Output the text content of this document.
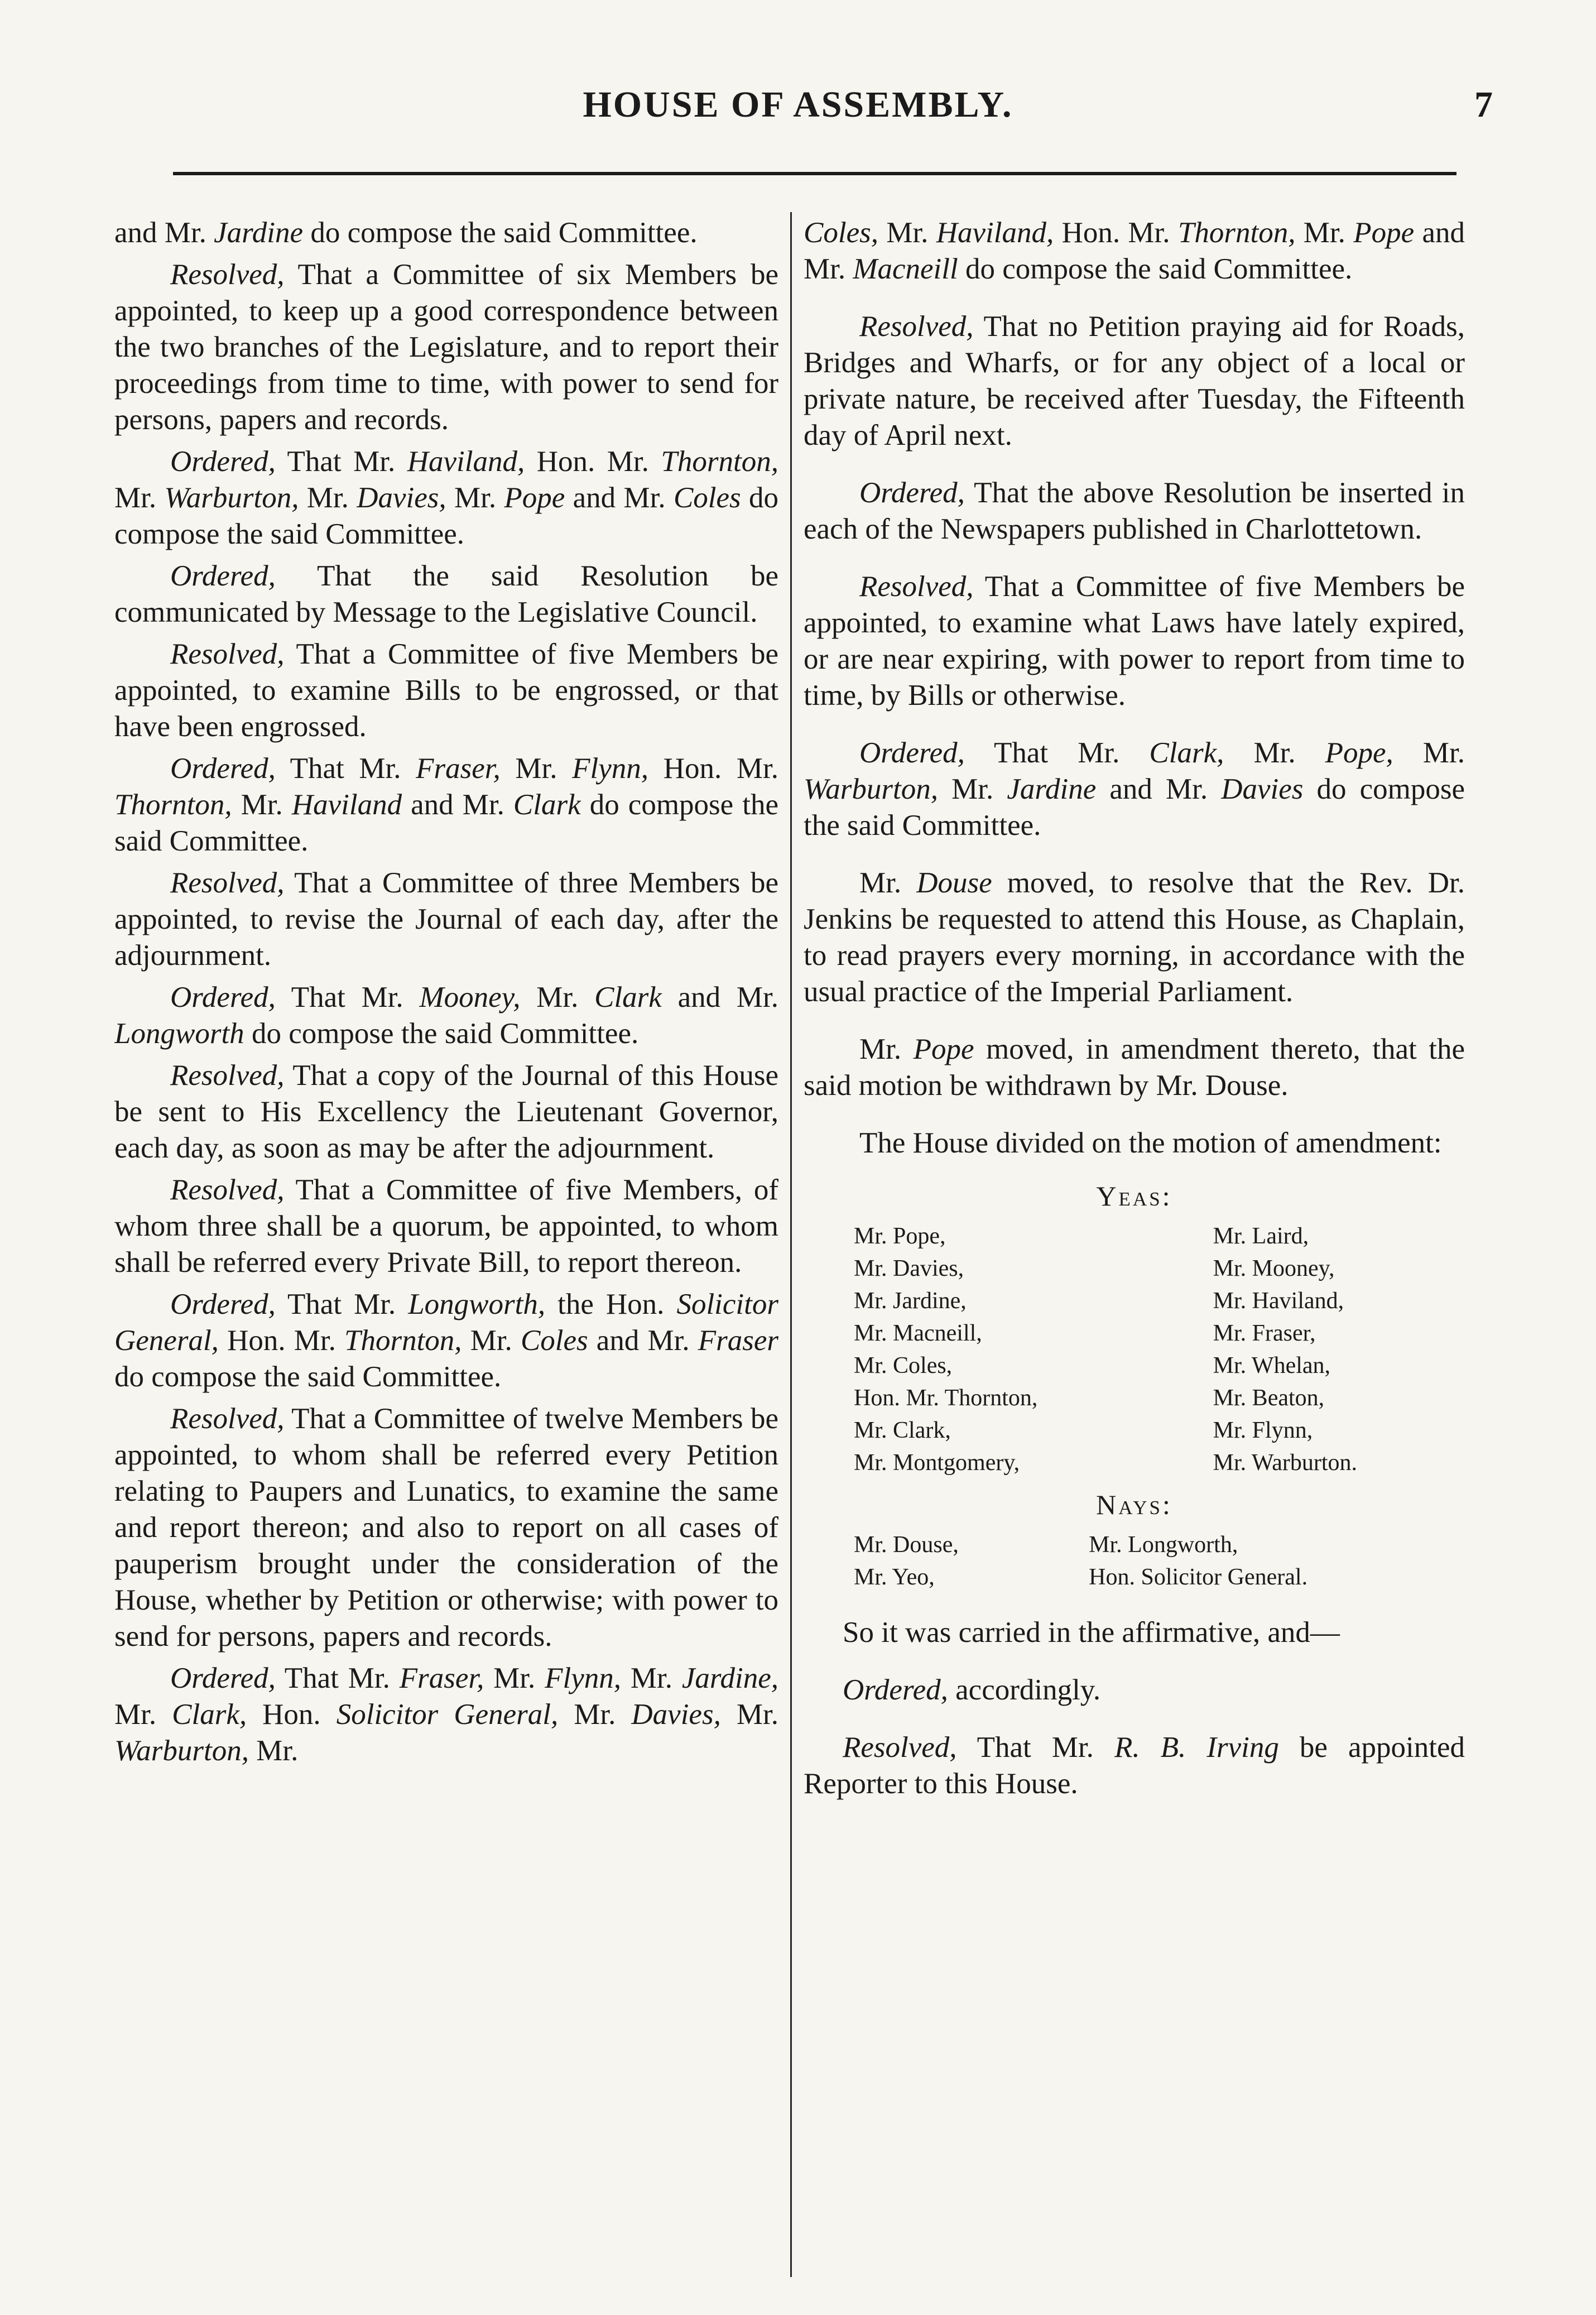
HOUSE OF ASSEMBLY.	7

and Mr. Jardine do compose the said Committee.

Resolved, That a Committee of six Members be appointed, to keep up a good correspondence between the two branches of the Legislature, and to report their proceedings from time to time, with power to send for persons, papers and records.

Ordered, That Mr. Haviland, Hon. Mr. Thornton, Mr. Warburton, Mr. Davies, Mr. Pope and Mr. Coles do compose the said Committee.

Ordered, That the said Resolution be communicated by Message to the Legislative Council.

Resolved, That a Committee of five Members be appointed, to examine Bills to be engrossed, or that have been engrossed.

Ordered, That Mr. Fraser, Mr. Flynn, Hon. Mr. Thornton, Mr. Haviland and Mr. Clark do compose the said Committee.

Resolved, That a Committee of three Members be appointed, to revise the Journal of each day, after the adjournment.

Ordered, That Mr. Mooney, Mr. Clark and Mr. Longworth do compose the said Committee.

Resolved, That a copy of the Journal of this House be sent to His Excellency the Lieutenant Governor, each day, as soon as may be after the adjournment.

Resolved, That a Committee of five Members, of whom three shall be a quorum, be appointed, to whom shall be referred every Private Bill, to report thereon.

Ordered, That Mr. Longworth, the Hon. Solicitor General, Hon. Mr. Thornton, Mr. Coles and Mr. Fraser do compose the said Committee.

Resolved, That a Committee of twelve Members be appointed, to whom shall be referred every Petition relating to Paupers and Lunatics, to examine the same and report thereon; and also to report on all cases of pauperism brought under the consideration of the House, whether by Petition or otherwise; with power to send for persons, papers and records.

Ordered, That Mr. Fraser, Mr. Flynn, Mr. Jardine, Mr. Clark, Hon. Solicitor General, Mr. Davies, Mr. Warburton, Mr.

Coles, Mr. Haviland, Hon. Mr. Thornton, Mr. Pope and Mr. Macneill do compose the said Committee.

Resolved, That no Petition praying aid for Roads, Bridges and Wharfs, or for any object of a local or private nature, be received after Tuesday, the Fifteenth day of April next.

Ordered, That the above Resolution be inserted in each of the Newspapers published in Charlottetown.

Resolved, That a Committee of five Members be appointed, to examine what Laws have lately expired, or are near expiring, with power to report from time to time, by Bills or otherwise.

Ordered, That Mr. Clark, Mr. Pope, Mr. Warburton, Mr. Jardine and Mr. Davies do compose the said Committee.

Mr. Douse moved, to resolve that the Rev. Dr. Jenkins be requested to attend this House, as Chaplain, to read prayers every morning, in accordance with the usual practice of the Imperial Parliament.

Mr. Pope moved, in amendment thereto, that the said motion be withdrawn by Mr. Douse.

The House divided on the motion of amendment:

Yeas:
Mr. Pope,	Mr. Laird,
Mr. Davies,	Mr. Mooney,
Mr. Jardine,	Mr. Haviland,
Mr. Macneill,	Mr. Fraser,
Mr. Coles,	Mr. Whelan,
Hon. Mr. Thornton,	Mr. Beaton,
Mr. Clark,	Mr. Flynn,
Mr. Montgomery,	Mr. Warburton.
Nays:
Mr. Douse,	Mr. Longworth,
Mr. Yeo,	Hon. Solicitor General.

So it was carried in the affirmative, and—

Ordered, accordingly.

Resolved, That Mr. R. B. Irving be appointed Reporter to this House.
